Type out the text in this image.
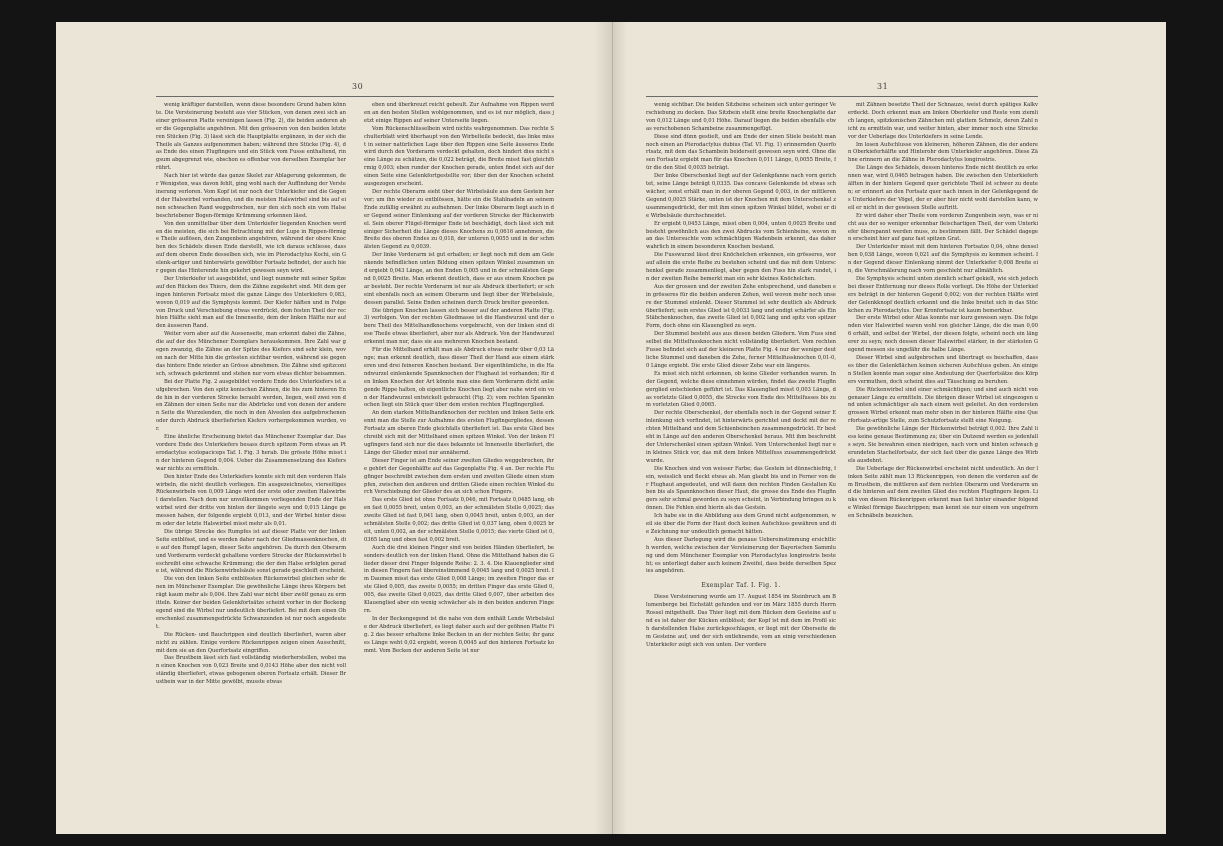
30

wenig kräftiger darstellen, wenn diese besondere Grund haben könnte. Die Versteinerung besteht aus vier Stücken, von denen zwei sich an einer grösseren Platte vereinigen lassen (Fig. 2), die beiden anderen aber die Gegenplatte angehören. Mit den grösseren von den beiden letzteren Stücken (Fig. 3) lässt sich die Hauptplatte ergänzen, in der sich die Theile als Ganzes aufgenommen haben; während ihre Stücke (Fig. 4), das Ende des einen Flugfingers und ein Stück vom Fusse enthaltend, ringsum abgegrenzt wie, obschon es offenbar von derselben Exemplar herrührt.

Nach hier ist würde das ganze Skelet zur Ablagerung gekommen, der Wenigsten, was davon fehlt, ging wohl nach der Auffindung der Versteinerung verloren. Vom Kopf ist nur noch der Unterkiefer und die Gegend der Halswirbel vorhanden, und die meisten Halswirbel sind bis auf einen schwachen Rand weggebrochen, nur den sich noch ein vom Halse beschriebener Bogen-förmige Krümmung erkennen lässt.

Von den unmittelbar über dem Unterkiefer liegenden Knochen werden die meisten, die sich bei Betrachtung mit der Lupe in Rippen-förmige Theile auflösen, den Zungenbein angehören, während der obere Knochen des Schädels diesen Ende darstellt, wie ich daraus schliesse, dass auf dem oberen Ende desselben sich, wie im Pterodactylus Kochi, ein Gelenk-artiger und hinterwärts gewölbter Fortsatz befindet, der auch hier gegen das Hinterende hin gekehrt gewesen seyn wird.

Der Unterkiefer ist ausgebildet, und liegt nunmehr mit seiner Spitze auf den Rücken des Thiers, dem die Zähne zugekehrt sind. Mit dem geringen hinteren Fortsatz misst die ganze Länge des Unterkiefers 0,083, wovon 0,019 auf die Symphysis kommt. Der Kiefer häften und in Folge von Druck und Verschiebung etwas verdrückt, dem festen Theil der rechten Hälfte sieht man auf die Innenseite, dem der linken Hälfte nur auf den äusseren Rand.

Weiter vorn aber auf die Aussenseite, man erkennt dabei die Zähne, die auf der des Münchener Exemplars herauskommen. Ihre Zahl war gegen zwanzig, die Zähne an der Spitze des Kiefers sind sehr klein, wovon nach der Mitte hin die grössten sichtbar werden, während sie gegen das hintere Ende wieder an Grösse abnehmen. Die Zähne sind spitzconisch, schwach gekrümmt und stehen nur vorn etwas dichter beisammen.

Bei der Platte Fig. 2 ausgebildet vordere Ende des Unterkiefers ist aufgebrochen. Von den spitz konischen Zähnen, die bis zum hinteren Ende hin in der vorderen Strecke beraubt werden, liegen, weil zwei von den Zähnen der einen Seite nur die Abdrücke und von denen der anderen Seite die Wurzelenden, die noch in den Alveolen des aufgebrochenen oder durch Abdruck überlieferten Kiefers vorhergekommen wurden, vor.

Eine ähnliche Erscheinung bietet das Münchener Exemplar dar. Das vordere Ende des Unterkiefers besass durch spitzem Form etwas an Pterodactylus scolopaciceps Taf. I. Fig. 3 herab. Die grösste Höhe misst in der hinteren Gegend 0,004. Ueber die Zusammensetzung des Kiefers war nichts zu ermitteln.

Den hinter Ende des Unterkiefers konnte sich mit den vorderen Halswirbeln, die nicht deutlich vorliegen. Ein ausgezeichnetes, vierseitiges Rückenwirbeln von 0,009 Länge wird der erste oder zweiten Halswirbel darstellen. Nach dem nur unvollkommen vorliegenden Ende der Halswirbel wird der dritte von hinten der längste seyn und 0,015 Länge gemessen haben, der folgende ergiebt 0,013, und der Wirbel hinter diesem oder der letzte Halswirbel misst mehr als 0,01.

Die übrige Strecke des Rumpfes ist auf dieser Platte vor der linken Seite entblösst, und es werden daher nach der Gliedmassenknochen, die auf den Rumpf lagen, dieser Seite angehören. Da durch den Oberarm und Vorderarm verdeckt gehaltene vordere Strecke der Rückenwirbel beschreibt eine schwache Krümmung; die der den Halse erfolgten gerade ist, während die Rückenwirbelsäule sonst gerade geschleift erscheint.

Die von den linken Seite entblössten Rückenwirbel gleichen sehr denen im Münchener Exemplar. Die gewöhnliche Länge ihres Körpers beträgt kaum mehr als 0,004. Ihre Zahl war nicht über zwölf genau zu ermitteln. Keiner der beiden Gelenkfortsätze scheint vorher in der Beckengegend sind die Wirbel nur undeutlich überliefert. Bei mit dem einen Oberschenkel zusammengedrückte Schwanzenden ist nur noch angedeutet.

Die Rücken- und Bauchrippen sind deutlich überliefert, waren aber nicht zu zählen. Einige vordere Rückenrippen zeigen einen Ausschnitt, mit dem sie an den Querfortsatz eingriffen.

Das Brustbein lässt sich fast vollständig wiederherstellen, wobei man einen Knochen von 0,023 Breite und 0,0143 Höhe aber den nicht vollständig überliefert, etwas gebogenen oberen Fortsatz erhält. Dieser Brustbein war in der Mitte gewölbt, musste etwas

eben und überkreuzt reicht gebeult. Zur Aufnahme von Rippen werden an den besten Stellen wohlgenommen, und es ist nur möglich, dass jetzt einige Rippen auf seiner Unterseite liegen.

Vom Rückenschlüsselbein wird nichts wahrgenommen. Das rechte Schulterblatt wird überhaupt von den Wirbelteile bedeckt, das linke misst in seiner natürlichen Lage über den Rippen eine Seite äusseres Ende wird durch den Vorderarm verdeckt gehalten, doch hindert dies nicht seine Länge zu schätzen, die 0,022 beträgt, die Breite misst fast gleichförmig 0,003; eben runder der Knochen gerade, unten findet sich auf der einen Seite eine Gelenkfortgestellte vor; über den der Knochen scheint ausgezogen erscheint.

Der rechte Oberarm sieht über der Wirbelsäule aus dem Gestein hervor; um ihn wieder zu entblössen, hätte ein die Stahlnadeln an seinem Ende zufällig erwähnt zu aufnehmen. Der linke Oberarm liegt auch in der Gegend seiner Einlenkung auf der vorderen Strecke der Rückenwirbel. Sein oberer Flügel-förmiger Ende ist beschädigt, doch lässt sich mit einiger Sicherheit die Länge dieses Knochens zu 0,0616 annehmen, die Breite des oberen Endes zu 0,018, der unteren 0,0055 und in der schmälsten Gegend zu 0,0039.

Der linke Vorderarm ist gut erhalten; er liegt noch mit dem am Gelenkende befindlichen unten Bildung einen spitzen Winkel zusammen und ergiebt 0,043 Länge, an den Enden 0,005 und in der schmälsten Gegend 0,0025 Breite. Man erkennt deutlich, dass er aus einem Knochen paar besteht. Der rechte Vorderarm ist nur als Abdruck überliefert; er scheint ebenfalls noch an seinem Oberarm und liegt über der Wirbelsäule, dessen parallel. Seine Enden scheinen durch Druck breiter geworden.

Die übrigen Knochen lassen sich besser auf der anderen Platte (Fig. 3) verfolgen. Von der rechten Gliedmasse ist die Handwurzel und der obere Theil des Mittelhandknochens vorgebracht, von der linken sind diese Theile etwas überliefert, aber nur als Abdruck. Von der Handwurzel erkennt man nur, dass sie aus mehreren Knochen bestand.

Für die Mittelhand erhält man als Abdruck etwas mehr über 0,03 Länge; man erkennt deutlich, dass dieser Theil der Hand aus einem stärkeren und drei feineren Knochen bestand. Der eigenthümliche, in die Handwurzel einlenkende Spannknochen der Flughaut ist vorhanden; für den linken Knochen der Art könnte man eine dem Vorderarm dicht anliegende Rippe halten, ob eigentliche Knochen liegt aber nahe wird ein von der Handwurzel entwickelt gebraucht (Fig. 2); vom rechten Spannknochen liegt ein Stück quer über dem ersten rechten Flugfingerglied.

An dem starken Mittelhandknochen der rechten und linken Seite erkennt man die Stelle zur Aufnahme des ersten Flugfingergliedes, dessen Fortsatz am oberen Ende gleichfalls überliefert ist. Das erste Glied beschreibt sich mit der Mittelhand einen spitzen Winkel. Von der linken Flugfingers fand sich nur die dass bekannte ist Innenseite überliefert, die Länge der Glieder misst nur annähernd.

Dieser Finger ist am Ende seiner zweiten Gliedes weggebrochen, ihre gehört der Gegenhälfte auf das Gegenplatte Fig. 4 an. Der rechte Flugfinger beschreibt zwischen dem ersten und zweiten Gliede einen stumpfen, zwischen den anderen und dritten Gliede einen rechten Winkel durch Verschiebung der Glieder des an sich schon Fingers.

Das erste Glied ist ohne Fortsatz 0,046, mit Fortsatz 0,0485 lang, oben fast 0,0055 breit, unten 0,003, an der schmälsten Stelle 0,0025; das zweite Glied ist fast 0,041 lang, oben 0,0045 breit, unten 0,003, an der schmälsten Stelle 0,002; das dritte Glied ist 0,037 lang, oben 0,0025 breit, unten 0,002, an der schmälsten Stelle 0,0015; das vierte Glied ist 0,0365 lang und oben fast 0,002 breit.

Auch die drei kleinen Finger sind von beiden Händen überliefert, besonders deutlich von der linken Hand. Ohne die Mittelhand haben die Glieder dieser drei Finger folgende Reihe: 2. 3. 4. Die Klauenglieder sind in diesen Fingern fast übereinstimmend 0,0045 lang und 0,0025 breit. Im Daumen misst das erste Glied 0,008 Länge; im zweiten Finger das erste Glied 0,005, das zweite 0,0055; im dritten Finger das erste Glied 0,005, das zweite Glied 0,0025, das dritte Glied 0,007, über arbeiten des Klauenglied aber ein wenig schwächer als in den beiden anderen Fingern.

In der Beckengegend ist die nahe von dem enthält Lende Wirbelsäule der Abdruck überliefert, es liegt daher auch auf der geöhnen Platte Fig. 2 das besser erhaltene linke Becken in an der rechten Seite; ihr ganzes Länge weht 0,02 ergiebt, wovon 0,0045 auf den hinteren Fortsatz kommt. Vom Becken der anderen Seite ist nur

31

wenig sichtbar. Die beiden Sitzbeine scheinen sich unter geringer Verschiebung zu decken. Das Sitzbein stellt eine breite Knochenplatte dar von 0,012 Länge und 0,01 Höhe. Darauf liegen die beiden ebenfalls etwas verschobenen Schambeine zusammengefügt.

Diese sind dünn gestielt, und am Ende der einen Stiele besteht man noch einen an Pterodactylus dubius (Taf. VI. Fig. 1) erinnernden Querfortsatz, mit dem das Schambein beiderseit gewesen seyn wird. Ohne diesen Fortsatz ergiebt man für das Knochen 0,011 Länge, 0,0055 Breite, für die den Stiel 0,0035 beträgt.

Der linke Oberschenkel liegt auf der Gelenkpfanne nach vorn gerichtet, seine Länge beträgt 0,0335. Das concave Gelenkende ist etwas schwächer, sonst erhält man in der oberen Gegend 0,003, in der mittleren Gegend 0,0025 Stärke, unten ist der Knochen mit dem Unterschenkel zusammengedrückt, der mit ihm einen spitzen Winkel bildet, wobei er die Wirbelsäule durchschneidet.

Er ergiebt 0,0453 Länge, misst oben 0,004, unten 0,0025 Breite und besteht gewöhnlich aus den zwei Abdrucks vom Schienbeine, wovon man das Untersuchte vom schmächtigen Wadenbein erkennt, das daher wahrlich in einem besonderen Knochen bestand.

Die Fusswurzel lässt drei Knöchelchen erkennen, ein grösseres, worauf allein die erste Reihe zu bestehen scheint und das mit dem Unterschenkel gerade zusammenliegt, aber gegen den Fuss hin stark rundet, in der zweiten Reihe bemerkt man ein sehr kleines Knöchelchen.

Aus der grossen und der zweiten Zehe entsprechend, und daneben ein grösseres für die beiden anderen Zehen, weil wovon mehr noch unsere der Stummel einlenkt. Dieser Stummel ist sehr deutlich als Abdruck überliefert; sein erstes Glied ist 0,0033 lang und endigt schärfer als Ein Stäbchenknochen, das zweite Glied ist 0,002 lang und spitz von spitzer Form, doch ohne ein Klauenglied zu seyn.

Der Stummel besteht aus aus diesen beiden Gliedern. Vom Fuss sind selbst die Mittelfussknochen nicht vollständig überliefert. Vom rechten Fusse befindet sich auf der kleineren Platte Fig. 4 nur der weniger deutliche Stummel und daneben die Zehe, ferner Mittelfussknochen 0,01-0,0 Länge ergiebt. Die erste Glied dieser Zehe war ein längeres.

Es misst sich nicht erkennen, ob keine Glieder vorhanden waren. In der Gegend, welche diese einnehmen würden, findet das zweite Flugfingerglied entschieden geführt ist. Das Klauenglied misst 0,003 Länge, das vorletzte Glied 0,0055, die Strecke vom Ende des Mittelfusses bis zum vorletzten Glied 0,0065.

Der rechte Oberschenkel, der ebenfalls noch in der Gegend seiner Einlenkung sich vorfindet, ist hinterwärts gerichtet und deckt mit der rechten Mittelhand und dem Schienbeinchen zusammengedrückt. Er besteht in Länge auf den anderen Oberschenkel heraus. Mit ihm beschreibt der Unterschenkel einen spitzen Winkel. Vom Unterschenkel liegt nur ein kleines Stück vor, das mit dem linken Mittelfuss zusammengedrückt wurde.

Die Knochen sind von weisser Farbe; das Gestein ist dünnschiefrig, fein, weisslich und fleckt etwas ab. Man glaubt bis und in Ferner von der Flughaut angedeutet, und will dann den rechten Finden Gestalten Kuben bis als Spannknochen dieser Haut, die grosse des Ende des Flugfingers sehr schmal geworden zu seyn scheint, in Verbindung bringen zu können. Die Fehlen sind hierin als das Gestein.

Ich habe sie in die Abbildung aus dem Grund nicht aufgenommen, weil sie über die Form der Haut doch keinen Aufschluss gewähren und die Zeichnung nur undeutlich gemacht hätten.

Aus dieser Darlegung wird die genaue Uebereinstimmung ersichtlich werden, welche zwischen der Versteinerung der Bayerischen Sammlung und dem Münchener Exemplar von Pterodactylus longirostris besteht; es unterliegt daher auch keinem Zweifel, dass beide derselben Spezies angehören.

Exemplar Taf. I. Fig. 1.

Diese Versteinerung wurde am 17. August 1854 im Steinbruch am Blumenberge bei Eichstätt gefunden und vor im März 1855 durch Herrn Rossel mitgetheilt. Das Thier liegt mit dem Rücken dem Gesteine auf und es ist daher der Kücken entblösst; der Kopf ist mit dem im Profil sich darstellenden Halse zurückgeschlagen, er liegt mit der Oberseite dem Gesteine auf, und der sich entlehnende, vom an einig verschiedenen Unterkiefer zeigt sich von unten. Der vordere

mit Zähnen besetzte Theil der Schnauze, weist durch spätiges Kalkverdeckt. Doch erkennt man am linken Oberkiefer und Reste vom ziemlich langen, spitzkonischen Zähnchen mit glattem Schmelz, deren Zahl nicht zu ermitteln war, und weiter hinten, aber immer noch eine Strecke vor der Ueberlage des Unterkiefers in seine Lende.

Im losen Aufschlusse von kleineren, höheren Zähnen, die der anderen Oberkieferhälfte und Hinterohr dem Unterkiefer angehören. Diese Zähne erinnern an die Zähne in Pterodactylus longirostris.

Die Länge des Schädels, dessen hinteres Ende nicht deutlich zu erkennen war, wird 0,0465 betragen haben. Die zwischen den Unterkieferhälften in der hintern Gegend quer gerichtete Theil ist schwer zu deuten; er erinnert an den Fortsatz quer nach innen in der Gelenkgegend des Unterkiefers der Vögel, der er aber hier nicht wohl darstellen kann, weil er nicht in der gewissen Stelle auftritt.

Er wird daher eher Theile vom vorderen Zungenbein seyn, was er nicht aus der so weniger erkennbar fleischartigen Theil, der vom Unterkiefer überspannt werden muss, zu bestimmen fällt. Der Schädel dagegen erscheint hier auf ganz fast spitzen Grat.

Der Unterkiefer misst mit dem hinteren Fortsatze 0,04, ohne denselben 0,038 Länge, wovon 0,021 auf die Symphysis zu kommen scheint. In der Gegend dieser Einlenkung nimmt der Unterkiefer 0,008 Breite ein, die Verschmälerung nach vorn geschieht nur allmählich.

Die Symphysis scheint unten ziemlich scharf gekielt, wie sich jedoch bei dieser Entfernung nur dieses Rolle vorliegt. Die Höhe der Unterkiefers beträgt in der hinteren Gegend 0,002; von der rechten Hälfte wird der Gelenkknopf deutlich erkannt und die linke breitet sich in das Stückchen zu Pterodactylus. Der Kronfortsatz ist kaum bemerkbar.

Der erste Wirbel oder Atlas konnte nur kurz gewesen seyn. Die folgenden vier Halswirbel waren wohl von gleicher Länge, die die man 0,006 erhält, und selbst der Wirbel, der diesen folgte, scheint noch ein längerer zu seyn; noch dessen dieser Halswirbel stärker, in der stärksten Gegend messen sie ungefähr die halbe Länge.

Dieser Wirbel sind aufgebrochen und übertragt es beschaffen, dass es über die Gelenkflächen keinen sicheren Aufschluss geben. An einigen Stellen konnte man sogar eine Andeutung der Querfortsätze des Körpers vermuthen, doch scheint dies auf Täuschung zu beruhen.

Die Rückenwirbel sind einer schmächtigen; und sind auch nicht von genauer Länge zu ermitteln. Die übrigen dieser Wirbel ist eingezogen und unten schmächtiger als nach einem weit geleitet. An den vordersten grossen Wirbel erkennt man mehr oben in der hinteren Hälfte eine Querfortsatz-artige Stelle, zum Schutzfortsatz stellt eine Neigung.

Die gewöhnliche Länge der Rückenwirbel beträgt 0,002. Ihre Zahl liess keine genaue Bestimmung zu; über ein Dutzend werden es jedenfalls seyn. Sie bewahren einen niedrigen, nach vorn und hinten schwach gerundeten Stachelfortsatz, der sich fast über die ganze Länge des Wirbels ausdehnt.

Die Ueberlage der Rückenwirbel erscheint nicht undeutlich. An der linken Seite zählt man 13 Rückenrippen, von denen die vorderen auf dem Brustbein, die mittleren auf dem rechten Oberarm und Vorderarm und die hinteren auf dem zweiten Glied des rechten Flugfingers liegen. Links von diesen Rückenrippen erkennt man fast hinter einander folgende Winkel förmige Bauchrippen; man kennt sie nur einem von ungefrornen Schnäbeln bezeichen.
